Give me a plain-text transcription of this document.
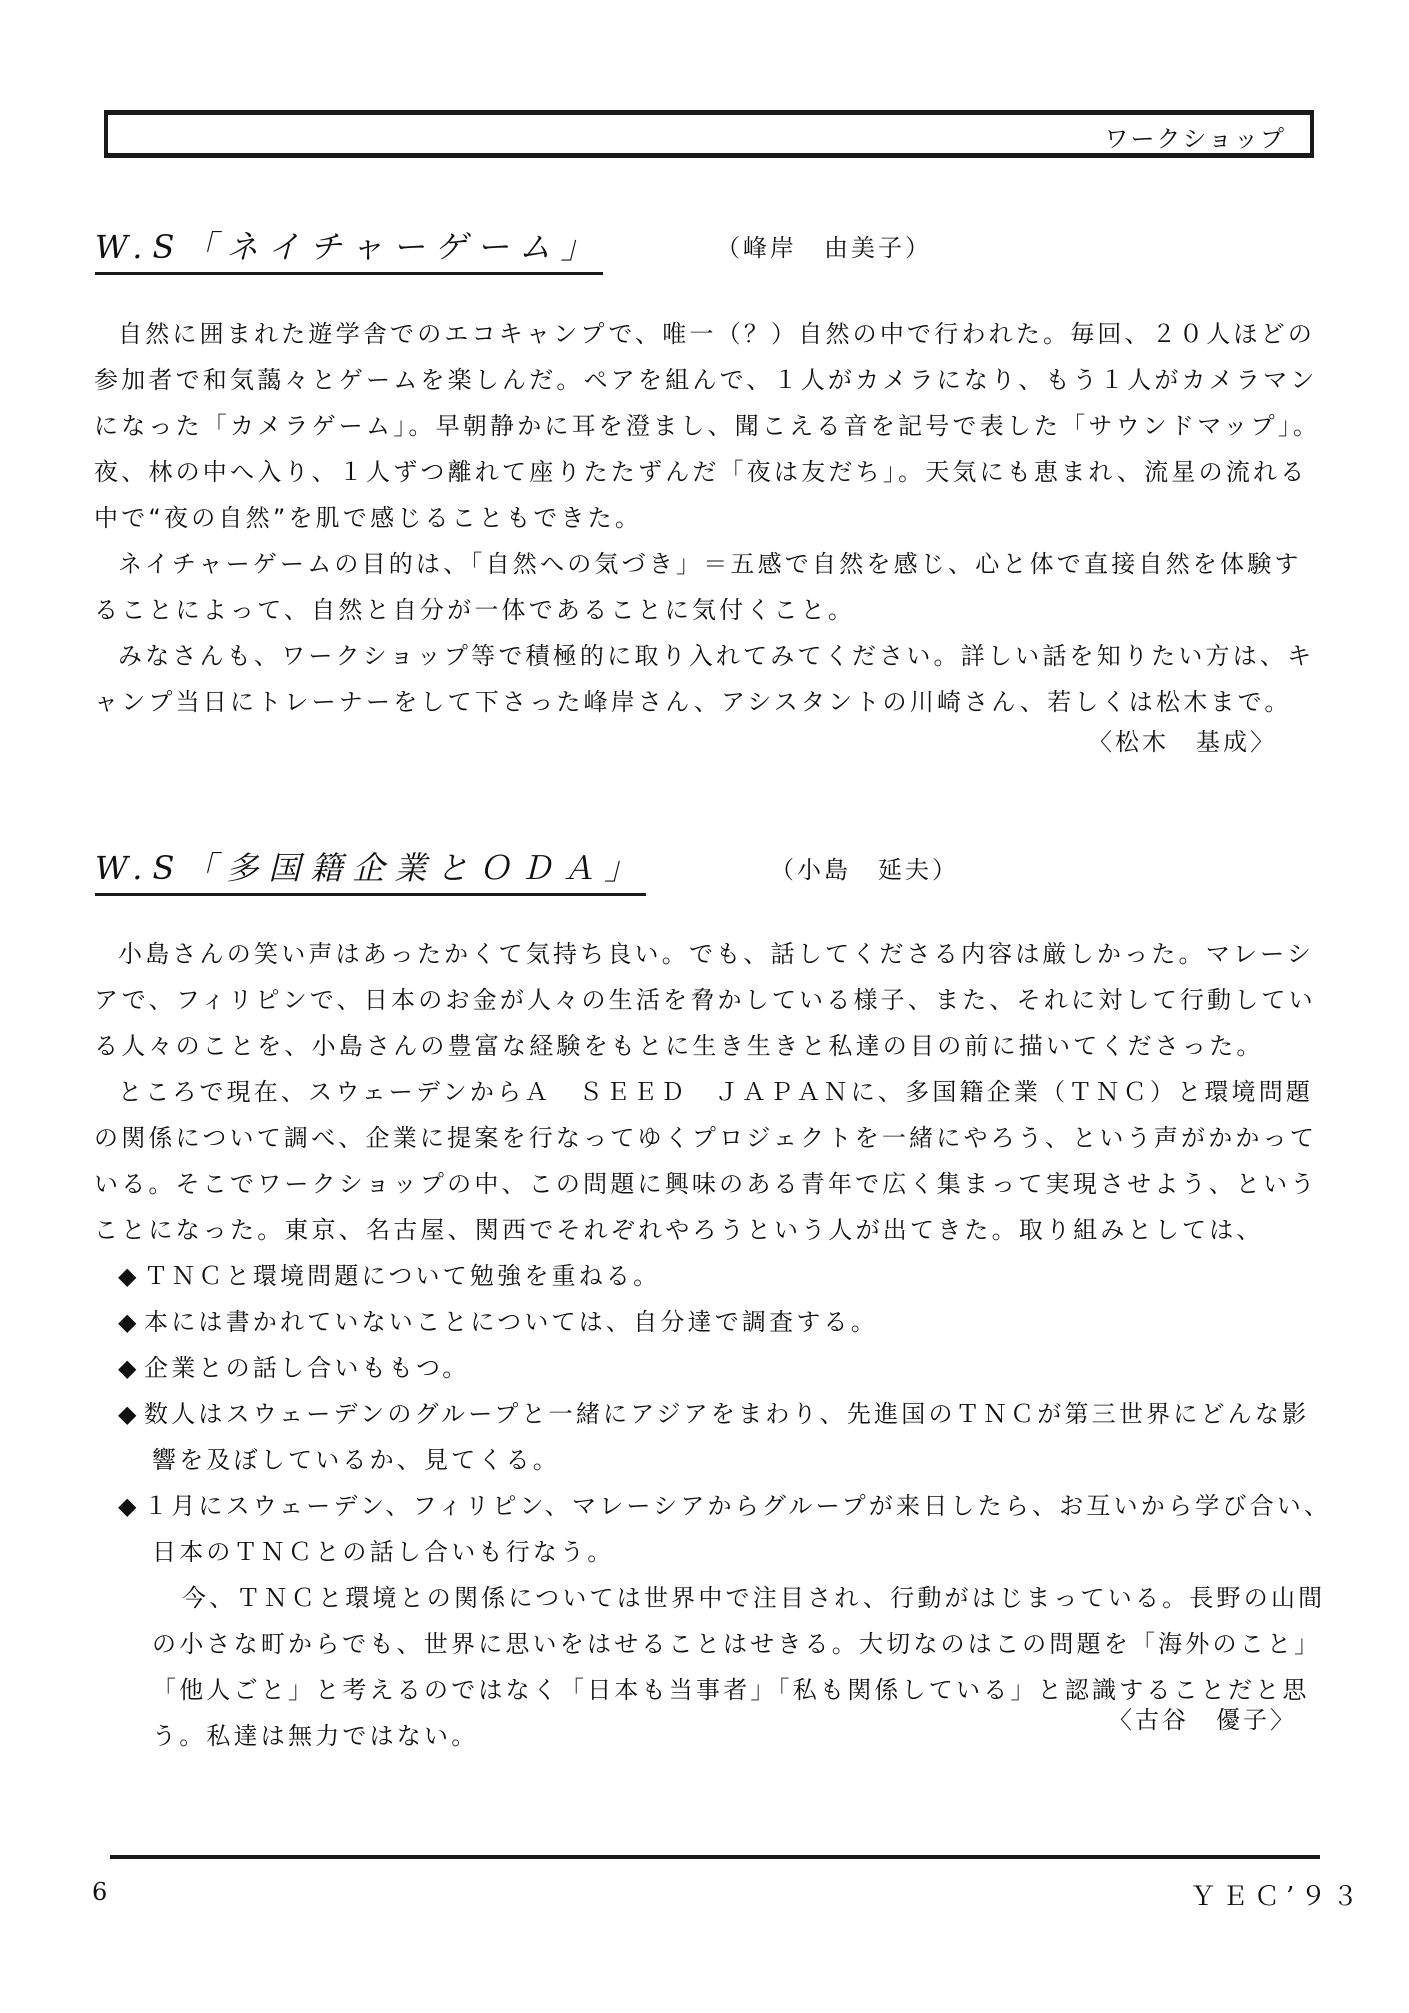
ワークショップ
W.S「ネイチャーゲーム」	（峰岸　由美子）
自然に囲まれた遊学舎でのエコキャンプで、唯一（？）自然の中で行われた。毎回、２０人ほどの
参加者で和気藹々とゲームを楽しんだ。ペアを組んで、１人がカメラになり、もう１人がカメラマン
になった「カメラゲーム」。早朝静かに耳を澄まし、聞こえる音を記号で表した「サウンドマップ」。
夜、林の中へ入り、１人ずつ離れて座りたたずんだ「夜は友だち」。天気にも恵まれ、流星の流れる
中で“夜の自然”を肌で感じることもできた。
ネイチャーゲームの目的は、「自然への気づき」＝五感で自然を感じ、心と体で直接自然を体験す
ることによって、自然と自分が一体であることに気付くこと。
みなさんも、ワークショップ等で積極的に取り入れてみてください。詳しい話を知りたい方は、キ
ャンプ当日にトレーナーをして下さった峰岸さん、アシスタントの川崎さん、若しくは松木まで。
〈松木　基成〉
W.S「多国籍企業とＯＤＡ」	（小島　延夫）
小島さんの笑い声はあったかくて気持ち良い。でも、話してくださる内容は厳しかった。マレーシ
アで、フィリピンで、日本のお金が人々の生活を脅かしている様子、また、それに対して行動してい
る人々のことを、小島さんの豊富な経験をもとに生き生きと私達の目の前に描いてくださった。
ところで現在、スウェーデンからＡ　ＳＥＥＤ　ＪＡＰＡＮに、多国籍企業（ＴＮＣ）と環境問題
の関係について調べ、企業に提案を行なってゆくプロジェクトを一緒にやろう、という声がかかって
いる。そこでワークショップの中、この問題に興味のある青年で広く集まって実現させよう、という
ことになった。東京、名古屋、関西でそれぞれやろうという人が出てきた。取り組みとしては、
◆ ＴＮＣと環境問題について勉強を重ねる。
◆ 本には書かれていないことについては、自分達で調査する。
◆ 企業との話し合いももつ。
◆ 数人はスウェーデンのグループと一緒にアジアをまわり、先進国のＴＮＣが第三世界にどんな影
響を及ぼしているか、見てくる。
◆ １月にスウェーデン、フィリピン、マレーシアからグループが来日したら、お互いから学び合い、
日本のＴＮＣとの話し合いも行なう。
今、ＴＮＣと環境との関係については世界中で注目され、行動がはじまっている。長野の山間
の小さな町からでも、世界に思いをはせることはせきる。大切なのはこの問題を「海外のこと」
「他人ごと」と考えるのではなく「日本も当事者」「私も関係している」と認識することだと思
う。私達は無力ではない。
〈古谷　優子〉
6	ＹＥＣ’９３
